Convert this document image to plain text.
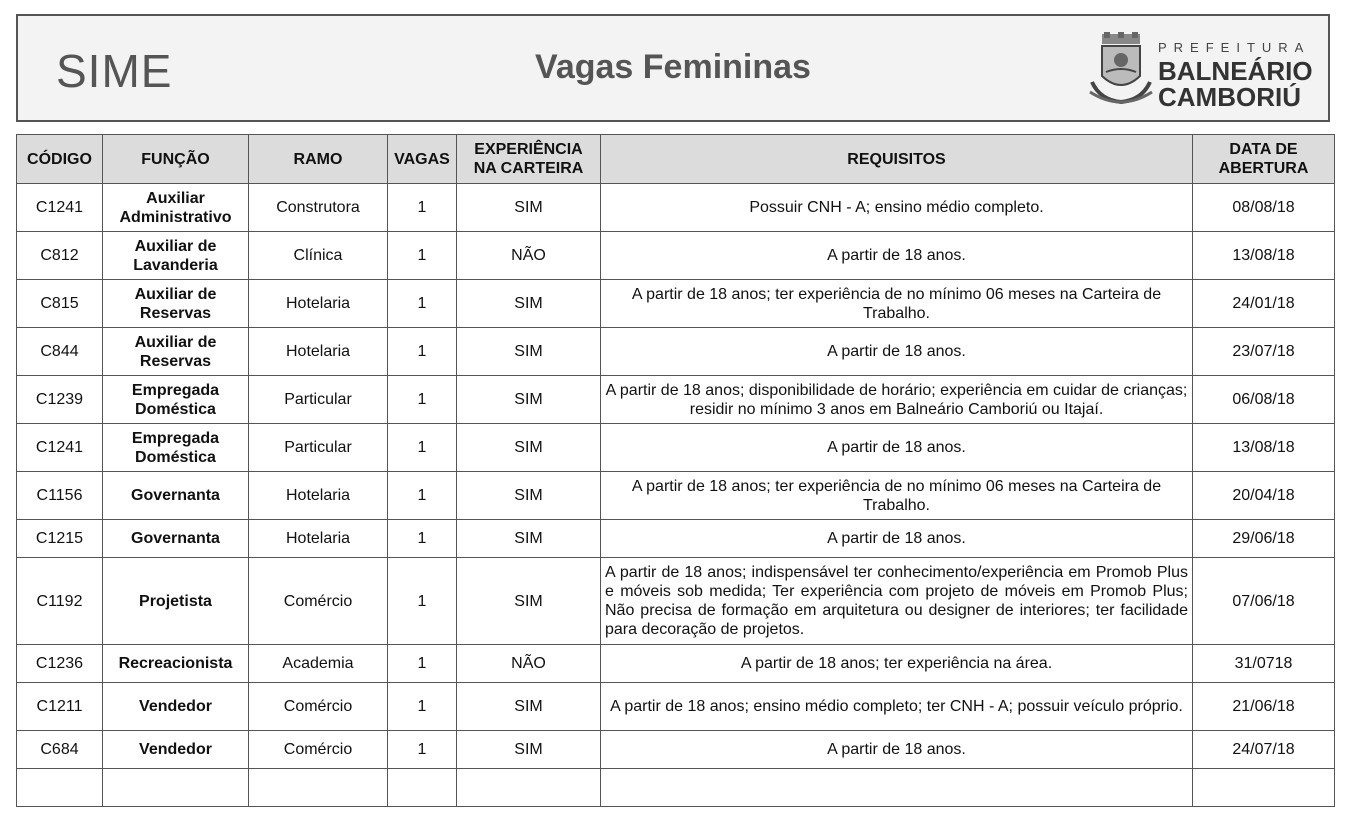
SIME	Vagas Femininas
PREFEITURA
BALNEÁRIO
CAMBORIÚ
CÓDIGO	FUNÇÃO	RAMO	VAGAS	EXPERIÊNCIA NA CARTEIRA	REQUISITOS	DATA DE ABERTURA
C1241	Auxiliar Administrativo	Construtora	1	SIM	Possuir CNH - A; ensino médio completo.	08/08/18
C812	Auxiliar de Lavanderia	Clínica	1	NÃO	A partir de 18 anos.	13/08/18
C815	Auxiliar de Reservas	Hotelaria	1	SIM	A partir de 18 anos; ter experiência de no mínimo 06 meses na Carteira de Trabalho.	24/01/18
C844	Auxiliar de Reservas	Hotelaria	1	SIM	A partir de 18 anos.	23/07/18
C1239	Empregada Doméstica	Particular	1	SIM	A partir de 18 anos; disponibilidade de horário; experiência em cuidar de crianças; residir no mínimo 3 anos em Balneário Camboriú ou Itajaí.	06/08/18
C1241	Empregada Doméstica	Particular	1	SIM	A partir de 18 anos.	13/08/18
C1156	Governanta	Hotelaria	1	SIM	A partir de 18 anos; ter experiência de no mínimo 06 meses na Carteira de Trabalho.	20/04/18
C1215	Governanta	Hotelaria	1	SIM	A partir de 18 anos.	29/06/18
C1192	Projetista	Comércio	1	SIM	A partir de 18 anos; indispensável ter conhecimento/experiência em Promob Plus e móveis sob medida; Ter experiência com projeto de móveis em Promob Plus; Não precisa de formação em arquitetura ou designer de interiores; ter facilidade para decoração de projetos.	07/06/18
C1236	Recreacionista	Academia	1	NÃO	A partir de 18 anos; ter experiência na área.	31/0718
C1211	Vendedor	Comércio	1	SIM	A partir de 18 anos; ensino médio completo; ter CNH - A; possuir veículo próprio.	21/06/18
C684	Vendedor	Comércio	1	SIM	A partir de 18 anos.	24/07/18
